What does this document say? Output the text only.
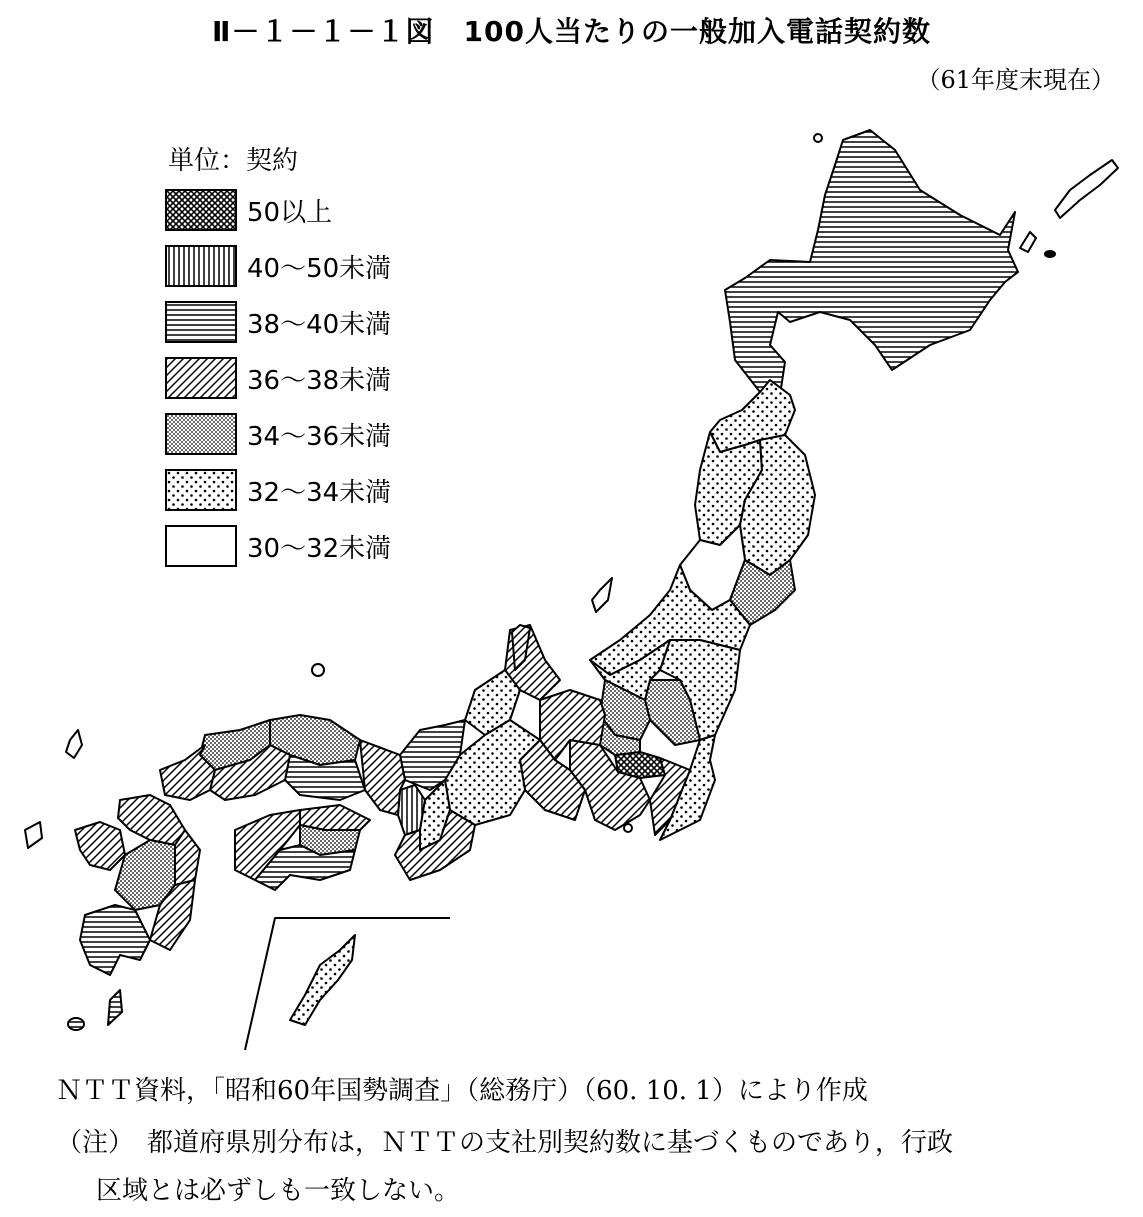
Ⅱ－１－１－１図　100人当たりの一般加入電話契約数
（61年度末現在）
単位：契約
50以上
40～50未満
38～40未満
36～38未満
34～36未満
32～34未満
30～32未満
ＮＴＴ資料，「昭和60年国勢調査」（総務庁）（60. 10. 1）により作成
（注）　都道府県別分布は，ＮＴＴの支社別契約数に基づくものであり，行政
区域とは必ずしも一致しない。
